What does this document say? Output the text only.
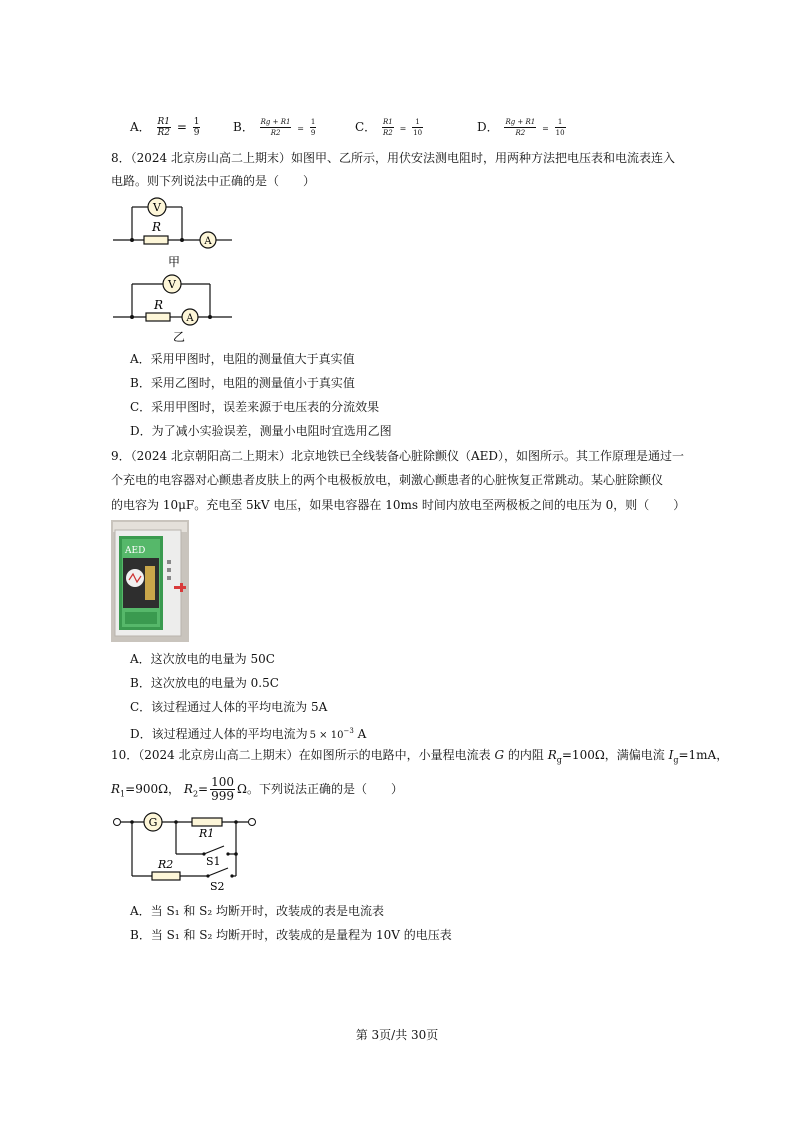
A． $\frac{R1}{R2} = \frac{1}{9}$	B． $\frac{Rg + R1}{R2} = \frac{1}{9}$	C． $\frac{R1}{R2} = \frac{1}{10}$	D． $\frac{Rg + R1}{R2} = \frac{1}{10}$
8．（2024 北京房山高二上期末）如图甲、乙所示，用伏安法测电阻时，用两种方法把电压表和电流表连入
电路。则下列说法中正确的是（　　）
V
A
R
甲
V
A
R
乙
A．采用甲图时，电阻的测量值大于真实值
B．采用乙图时，电阻的测量值小于真实值
C．采用甲图时，误差来源于电压表的分流效果
D．为了减小实验误差，测量小电阻时宜选用乙图
9．（2024 北京朝阳高二上期末）北京地铁已全线装备心脏除颤仪（AED），如图所示。其工作原理是通过一
个充电的电容器对心颤患者皮肤上的两个电极板放电，刺激心颤患者的心脏恢复正常跳动。某心脏除颤仪
的电容为 10μF。充电至 5kV 电压，如果电容器在 10ms 时间内放电至两极板之间的电压为 0，则（　　）
AED
A．这次放电的电量为 50C
B．这次放电的电量为 0.5C
C．该过程通过人体的平均电流为 5A
D．该过程通过人体的平均电流为 $5 \times 10^{-3}$ A
10．（2024 北京房山高二上期末）在如图所示的电路中，小量程电流表 G 的内阻 $R_g=100\Omega$，满偏电流 $I_g=1mA$，
$R_1=900\Omega$， $R_2= \frac{100}{999}$ Ω。下列说法正确的是（　　）
G
R1
R2	S1
S2
A．当 S₁ 和 S₂ 均断开时，改装成的表是电流表
B．当 S₁ 和 S₂ 均断开时，改装成的是量程为 10V 的电压表
第 3页/共 30页
